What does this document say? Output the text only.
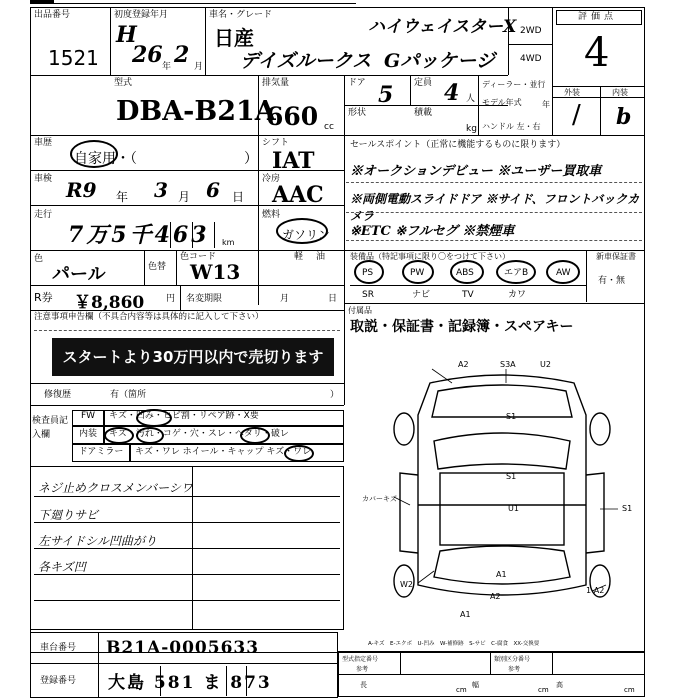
出品番号
1521
初度登録年月
H
26 年 2 月
車名・グレード
日産
デイズルークス
ハイウェイスターX
Gパッケージ
2WD
4WD
評価点
4
外装	内装
/ b
型式
DBA-B21A
排気量
660 cc
ドア 5 定員 4 人
形状	積載
kg
ディーラー・並行
モデル年式	年
ハンドル 左・右
車歴
自家用・（	）
シフト
IAT
セールスポイント（正常に機能するものに限ります）
※オークションデビュー ※ユーザー買取車
※両側電動スライドドア ※サイド、フロントバックカメラ
※ETC ※フルセグ ※禁煙車
車検 R9 年 3 月 6 日
冷房
AAC
走行
7万5千463 km
燃料
ガソリン
軽 油	装備品（特記事項に限り〇をつけて下さい）	新車保証書
有・無
PS	PW	ABS	エアB	AW
SR	ナビ	TV	カワ
色
パール	色替
色コード
W13
R券 ￥8,860 円 名変期限	月	日
付属品
取説・保証書・記録簿・スペアキー
注意事項申告欄（不具合内容等は具体的に記入して下さい）
スタートより30万円以内で売切ります
修復歴	有（箇所	）
検査員記入欄
FW	キズ・凹み・ヒビ割・リペア跡・X要
内装	キズ・汚れ・コゲ・穴・スレ・ヘタリ・破レ
ドアミラー	キズ・ワレ ホイール・キャップ キズ・ワレ
ネジ止めクロスメンバーシワ
下廻りサビ
左サイドシル凹曲がり
各キズ凹
A2	S3A	U2
S1
S1
U1	S1
A1
1-A2
W2
A2
A1
カバーキズ
A-キズ　E-エクボ　U-凹み　W-補修跡　S-サビ　C-腐食　XX-交換要
型式指定番号
参考
類別区分番号
参考
長
cm
幅
cm
高
cm
車台番号 B21A-0005633
登録番号 大島 581 ま 873
